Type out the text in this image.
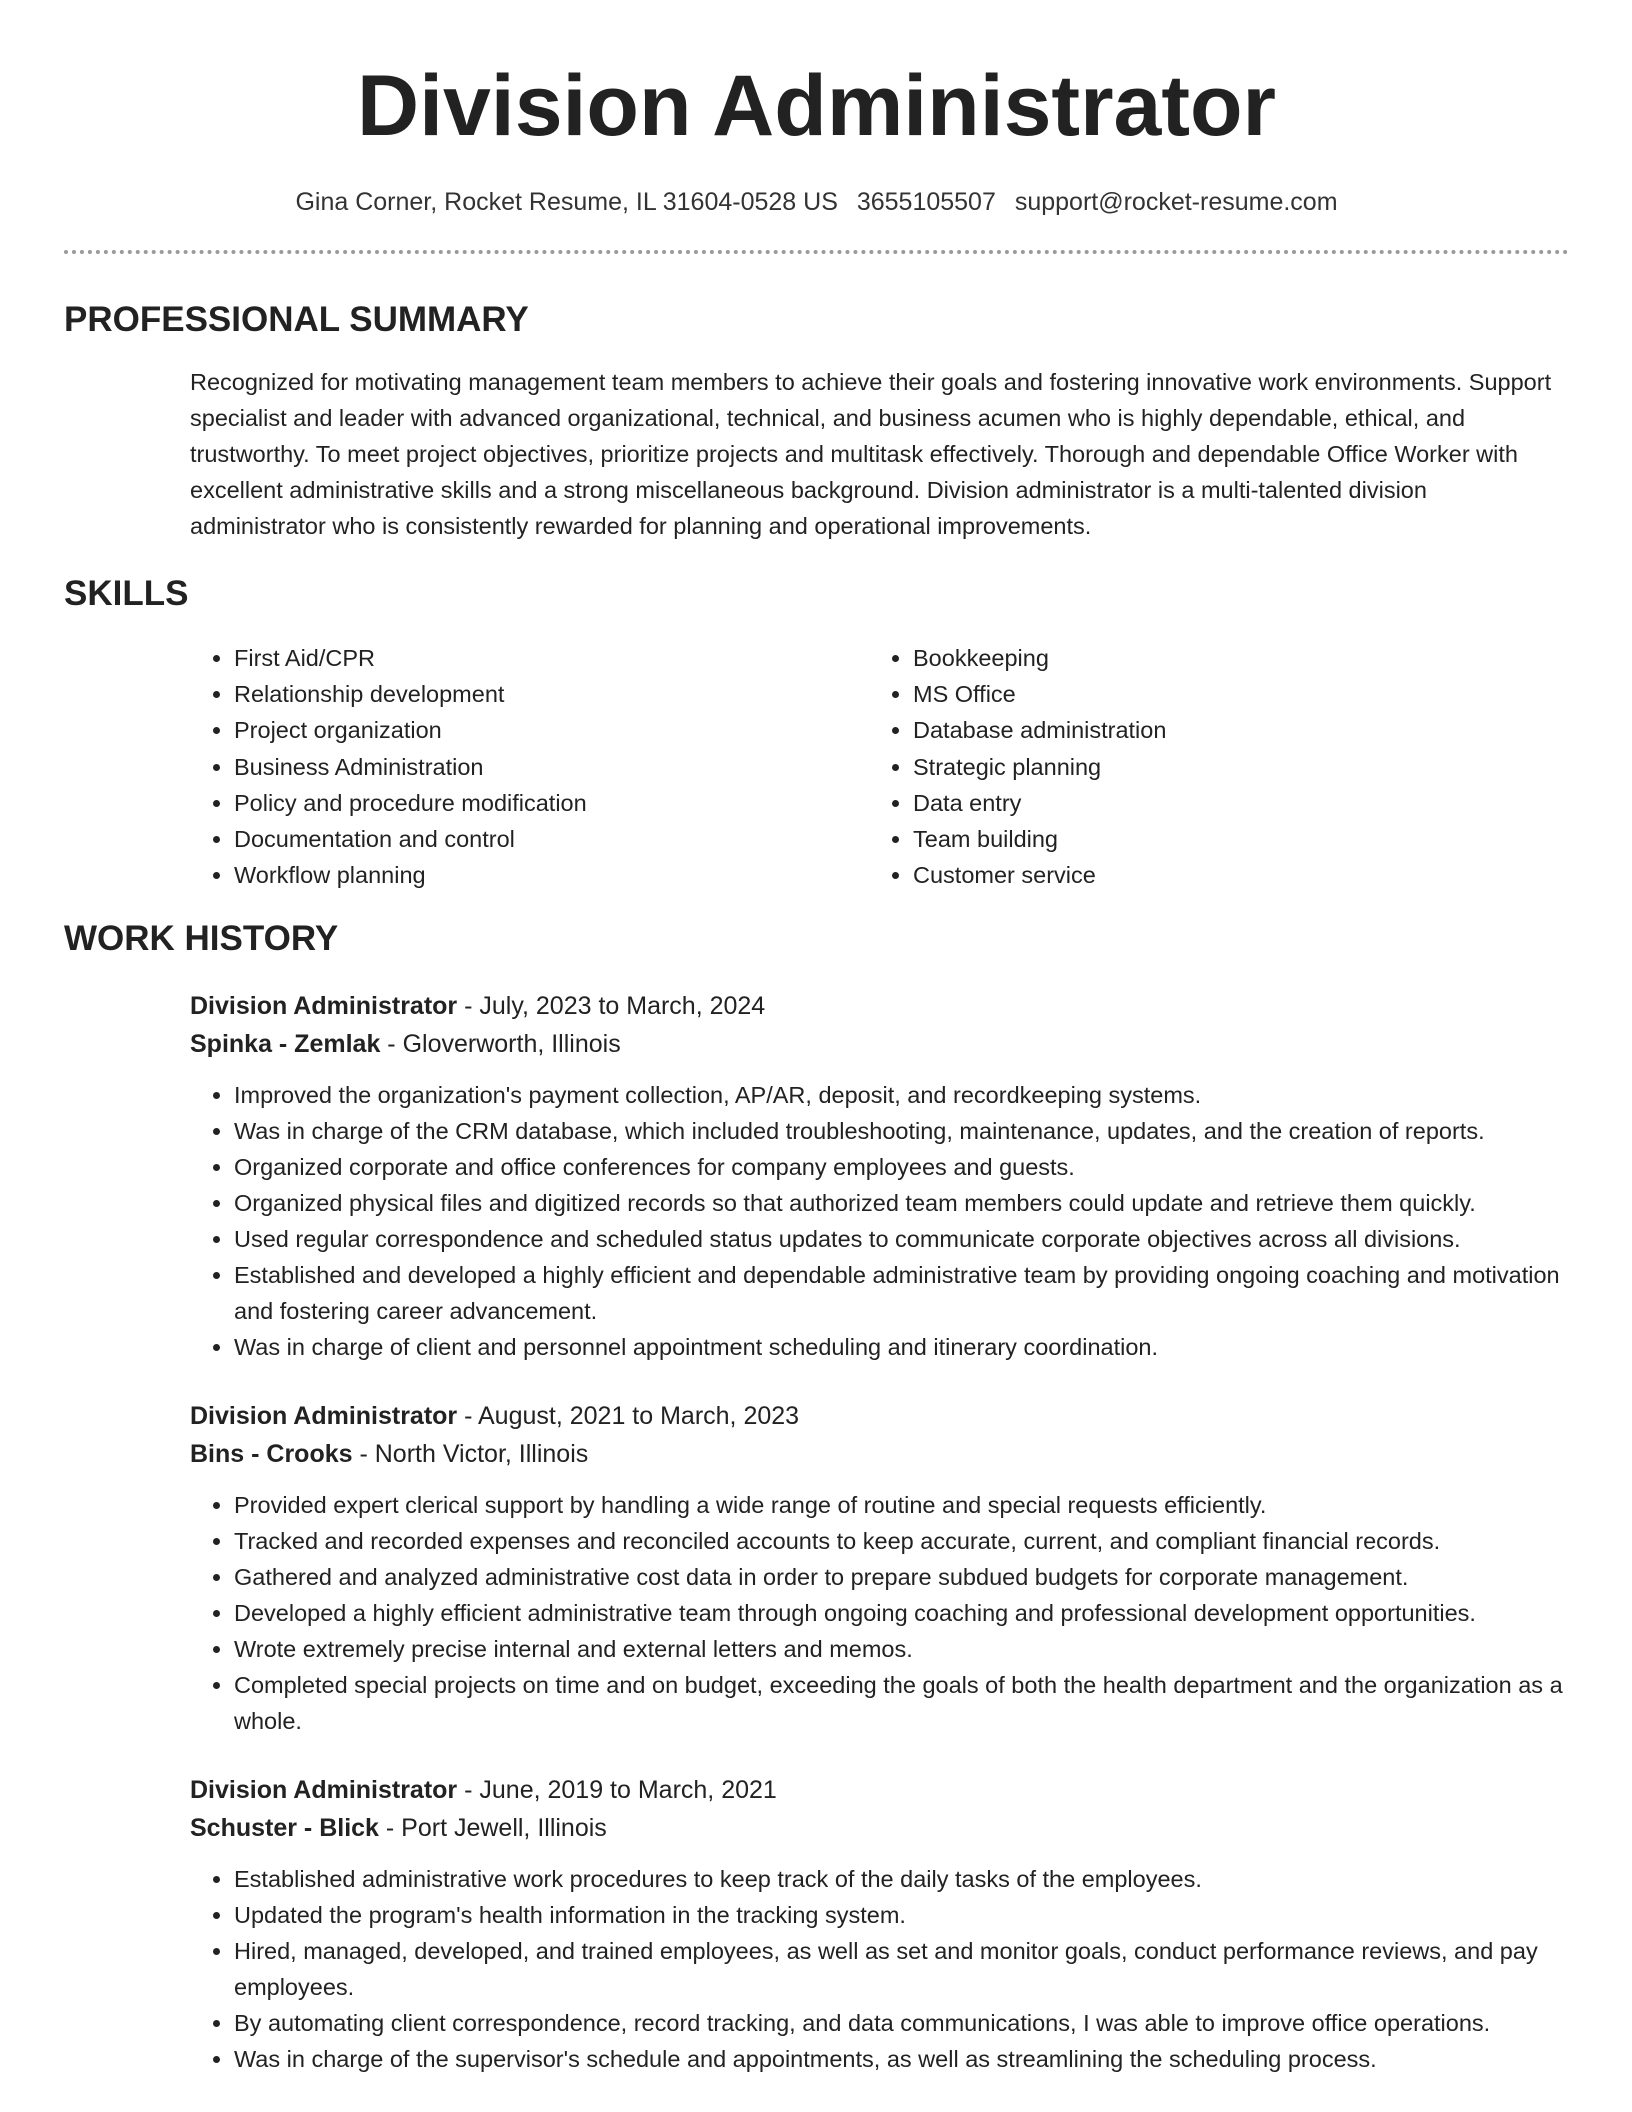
Division Administrator
Gina Corner, Rocket Resume, IL 31604-0528 US 3655105507 support@rocket-resume.com
PROFESSIONAL SUMMARY

Recognized for motivating management team members to achieve their goals and fostering innovative work environments. Support specialist and leader with advanced organizational, technical, and business acumen who is highly dependable, ethical, and trustworthy. To meet project objectives, prioritize projects and multitask effectively. Thorough and dependable Office Worker with excellent administrative skills and a strong miscellaneous background. Division administrator is a multi-talented division administrator who is consistently rewarded for planning and operational improvements.

SKILLS
• First Aid/CPR
• Relationship development
• Project organization
• Business Administration
• Policy and procedure modification
• Documentation and control
• Workflow planning
• Bookkeeping
• MS Office
• Database administration
• Strategic planning
• Data entry
• Team building
• Customer service
WORK HISTORY
Division Administrator - July, 2023 to March, 2024
Spinka - Zemlak - Gloverworth, Illinois
• Improved the organization's payment collection, AP/AR, deposit, and recordkeeping systems.
• Was in charge of the CRM database, which included troubleshooting, maintenance, updates, and the creation of reports.
• Organized corporate and office conferences for company employees and guests.
• Organized physical files and digitized records so that authorized team members could update and retrieve them quickly.
• Used regular correspondence and scheduled status updates to communicate corporate objectives across all divisions.
• Established and developed a highly efficient and dependable administrative team by providing ongoing coaching and motivation and fostering career advancement.
• Was in charge of client and personnel appointment scheduling and itinerary coordination.
Division Administrator - August, 2021 to March, 2023
Bins - Crooks - North Victor, Illinois
• Provided expert clerical support by handling a wide range of routine and special requests efficiently.
• Tracked and recorded expenses and reconciled accounts to keep accurate, current, and compliant financial records.
• Gathered and analyzed administrative cost data in order to prepare subdued budgets for corporate management.
• Developed a highly efficient administrative team through ongoing coaching and professional development opportunities.
• Wrote extremely precise internal and external letters and memos.
• Completed special projects on time and on budget, exceeding the goals of both the health department and the organization as a whole.
Division Administrator - June, 2019 to March, 2021
Schuster - Blick - Port Jewell, Illinois
• Established administrative work procedures to keep track of the daily tasks of the employees.
• Updated the program's health information in the tracking system.
• Hired, managed, developed, and trained employees, as well as set and monitor goals, conduct performance reviews, and pay employees.
• By automating client correspondence, record tracking, and data communications, I was able to improve office operations.
• Was in charge of the supervisor's schedule and appointments, as well as streamlining the scheduling process.
